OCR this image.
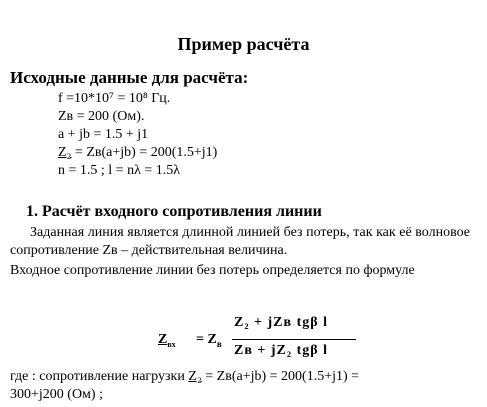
Пример расчёта
Исходные данные для расчёта:
f =10*10⁷ = 10⁸ Гц.
Zв = 200 (Ом).
a + jb = 1.5 + j1
Z₂ = Zв(a+jb) = 200(1.5+j1)
n = 1.5 ; l = nλ = 1.5λ
1. Расчёт входного сопротивления линии
Заданная линия является длинной линией без потерь, так как её волновое сопротивление Zв – действительная величина.
Входное сопротивление линии без потерь определяется по формуле
$Z_{вх} = Z_в$
Z₂ + jZв tgβ l
Zв + jZ₂ tgβ l
где : сопротивление нагрузки Z₂ = Zв(a+jb) = 200(1.5+j1) =
300+j200 (Ом) ;
